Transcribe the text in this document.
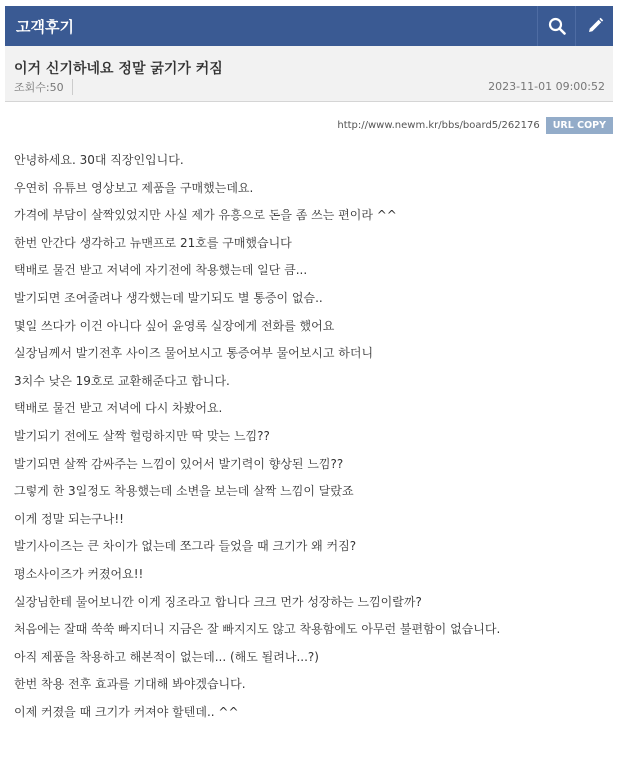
고객후기
이거 신기하네요 정말 굵기가 커짐
조회수:50	2023-11-01 09:00:52
http://www.newm.kr/bbs/board5/262176	URL COPY

안녕하세요. 30대 직장인입니다.

우연히 유튜브 영상보고 제품을 구매했는데요.

가격에 부담이 살짝있었지만 사실 제가 유흥으로 돈을 좀 쓰는 편이라 ^^

한번 안간다 생각하고 뉴맨프로 21호를 구매했습니다

택배로 물건 받고 저녁에 자기전에 착용했는데 일단 큼...

발기되면 조여줄려나 생각했는데 발기되도 별 통증이 없슴..

몇일 쓰다가 이건 아니다 싶어 윤영록 실장에게 전화를 했어요

실장님께서 발기전후 사이즈 물어보시고 통증여부 물어보시고 하더니

3치수 낮은 19호로 교환해준다고 합니다.

택배로 물건 받고 저녁에 다시 차봤어요.

발기되기 전에도 살짝 헐렁하지만 딱 맞는 느낌??

발기되면 살짝 감싸주는 느낌이 있어서 발기력이 향상된 느낌??

그렇게 한 3일정도 착용했는데 소변을 보는데 살짝 느낌이 달랐죠

이게 정말 되는구나!!

발기사이즈는 큰 차이가 없는데 쪼그라 들었을 때 크기가 왜 커짐?

평소사이즈가 커졌어요!!

실장님한테 물어보니깐 이게 징조라고 합니다 크크 먼가 성장하는 느낌이랄까?

처음에는 잘때 쑥쑥 빠지더니 지금은 잘 빠지지도 않고 착용함에도 아무런 불편함이 없습니다.

아직 제품을 착용하고 해본적이 없는데... (해도 될려나...?)

한번 착용 전후 효과를 기대해 봐야겠습니다.

이제 커졌을 때 크기가 커져야 할텐데.. ^^
